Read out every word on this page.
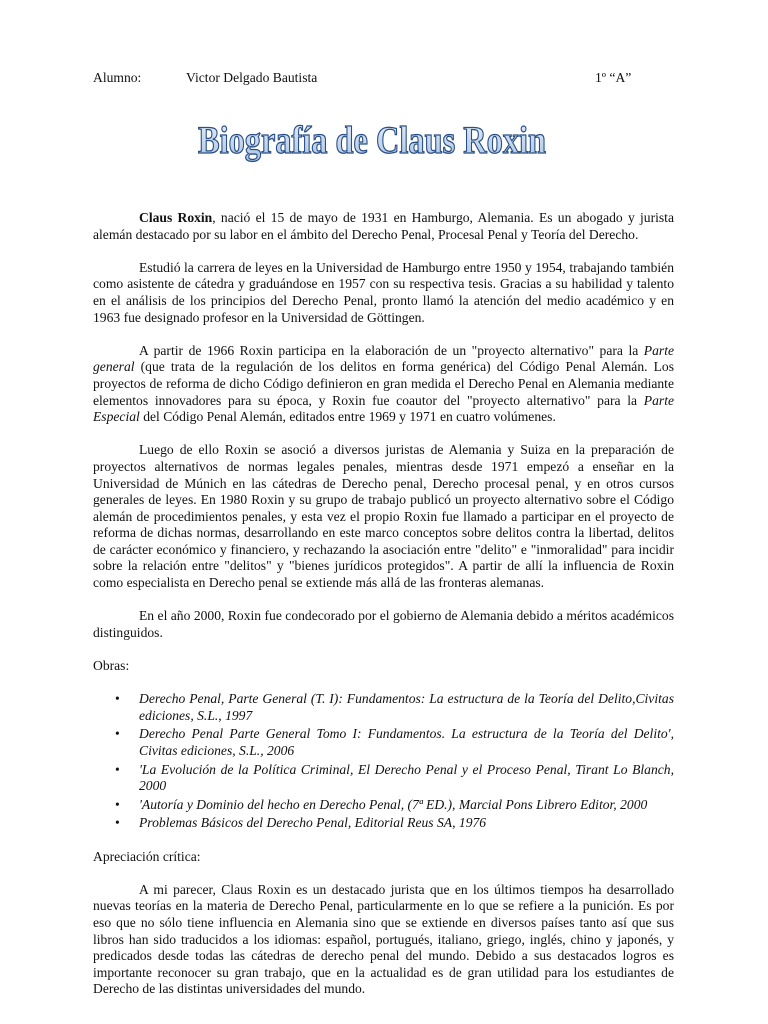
Alumno:	Victor Delgado Bautista	1º “A”
Biografía de Claus Roxin

Claus Roxin, nació el 15 de mayo de 1931 en Hamburgo, Alemania. Es un abogado y jurista alemán destacado por su labor en el ámbito del Derecho Penal, Procesal Penal y Teoría del Derecho.

Estudió la carrera de leyes en la Universidad de Hamburgo entre 1950 y 1954, trabajando también como asistente de cátedra y graduándose en 1957 con su respectiva tesis. Gracias a su habilidad y talento en el análisis de los principios del Derecho Penal, pronto llamó la atención del medio académico y en 1963 fue designado profesor en la Universidad de Göttingen.

A partir de 1966 Roxin participa en la elaboración de un "proyecto alternativo" para la Parte general (que trata de la regulación de los delitos en forma genérica) del Código Penal Alemán. Los proyectos de reforma de dicho Código definieron en gran medida el Derecho Penal en Alemania mediante elementos innovadores para su época, y Roxin fue coautor del "proyecto alternativo" para la Parte Especial del Código Penal Alemán, editados entre 1969 y 1971 en cuatro volúmenes.

Luego de ello Roxin se asoció a diversos juristas de Alemania y Suiza en la preparación de proyectos alternativos de normas legales penales, mientras desde 1971 empezó a enseñar en la Universidad de Múnich en las cátedras de Derecho penal, Derecho procesal penal, y en otros cursos generales de leyes. En 1980 Roxin y su grupo de trabajo publicó un proyecto alternativo sobre el Código alemán de procedimientos penales, y esta vez el propio Roxin fue llamado a participar en el proyecto de reforma de dichas normas, desarrollando en este marco conceptos sobre delitos contra la libertad, delitos de carácter económico y financiero, y rechazando la asociación entre "delito" e "inmoralidad" para incidir sobre la relación entre "delitos" y "bienes jurídicos protegidos". A partir de allí la influencia de Roxin como especialista en Derecho penal se extiende más allá de las fronteras alemanas.

En el año 2000, Roxin fue condecorado por el gobierno de Alemania debido a méritos académicos distinguidos.

Obras:

• Derecho Penal, Parte General (T. I): Fundamentos: La estructura de la Teoría del Delito,Civitas ediciones, S.L., 1997
• Derecho Penal Parte General Tomo I: Fundamentos. La estructura de la Teoría del Delito', Civitas ediciones, S.L., 2006
• 'La Evolución de la Política Criminal, El Derecho Penal y el Proceso Penal, Tirant Lo Blanch, 2000
• 'Autoría y Dominio del hecho en Derecho Penal, (7ª ED.), Marcial Pons Librero Editor, 2000
• Problemas Básicos del Derecho Penal, Editorial Reus SA, 1976

Apreciación crítica:

A mi parecer, Claus Roxin es un destacado jurista que en los últimos tiempos ha desarrollado nuevas teorías en la materia de Derecho Penal, particularmente en lo que se refiere a la punición. Es por eso que no sólo tiene influencia en Alemania sino que se extiende en diversos países tanto así que sus libros han sido traducidos a los idiomas: español, portugués, italiano, griego, inglés, chino y japonés, y predicados desde todas las cátedras de derecho penal del mundo. Debido a sus destacados logros es importante reconocer su gran trabajo, que en la actualidad es de gran utilidad para los estudiantes de Derecho de las distintas universidades del mundo.
